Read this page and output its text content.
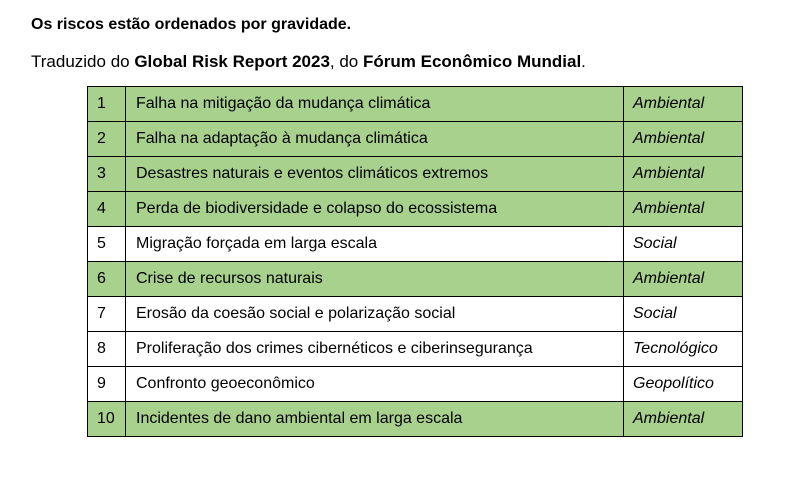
Os riscos estão ordenados por gravidade.
Traduzido do Global Risk Report 2023, do Fórum Econômico Mundial.
1	Falha na mitigação da mudança climática	Ambiental
2	Falha na adaptação à mudança climática	Ambiental
3	Desastres naturais e eventos climáticos extremos	Ambiental
4	Perda de biodiversidade e colapso do ecossistema	Ambiental
5	Migração forçada em larga escala	Social
6	Crise de recursos naturais	Ambiental
7	Erosão da coesão social e polarização social	Social
8	Proliferação dos crimes cibernéticos e ciberinsegurança	Tecnológico
9	Confronto geoeconômico	Geopolítico
10	Incidentes de dano ambiental em larga escala	Ambiental
